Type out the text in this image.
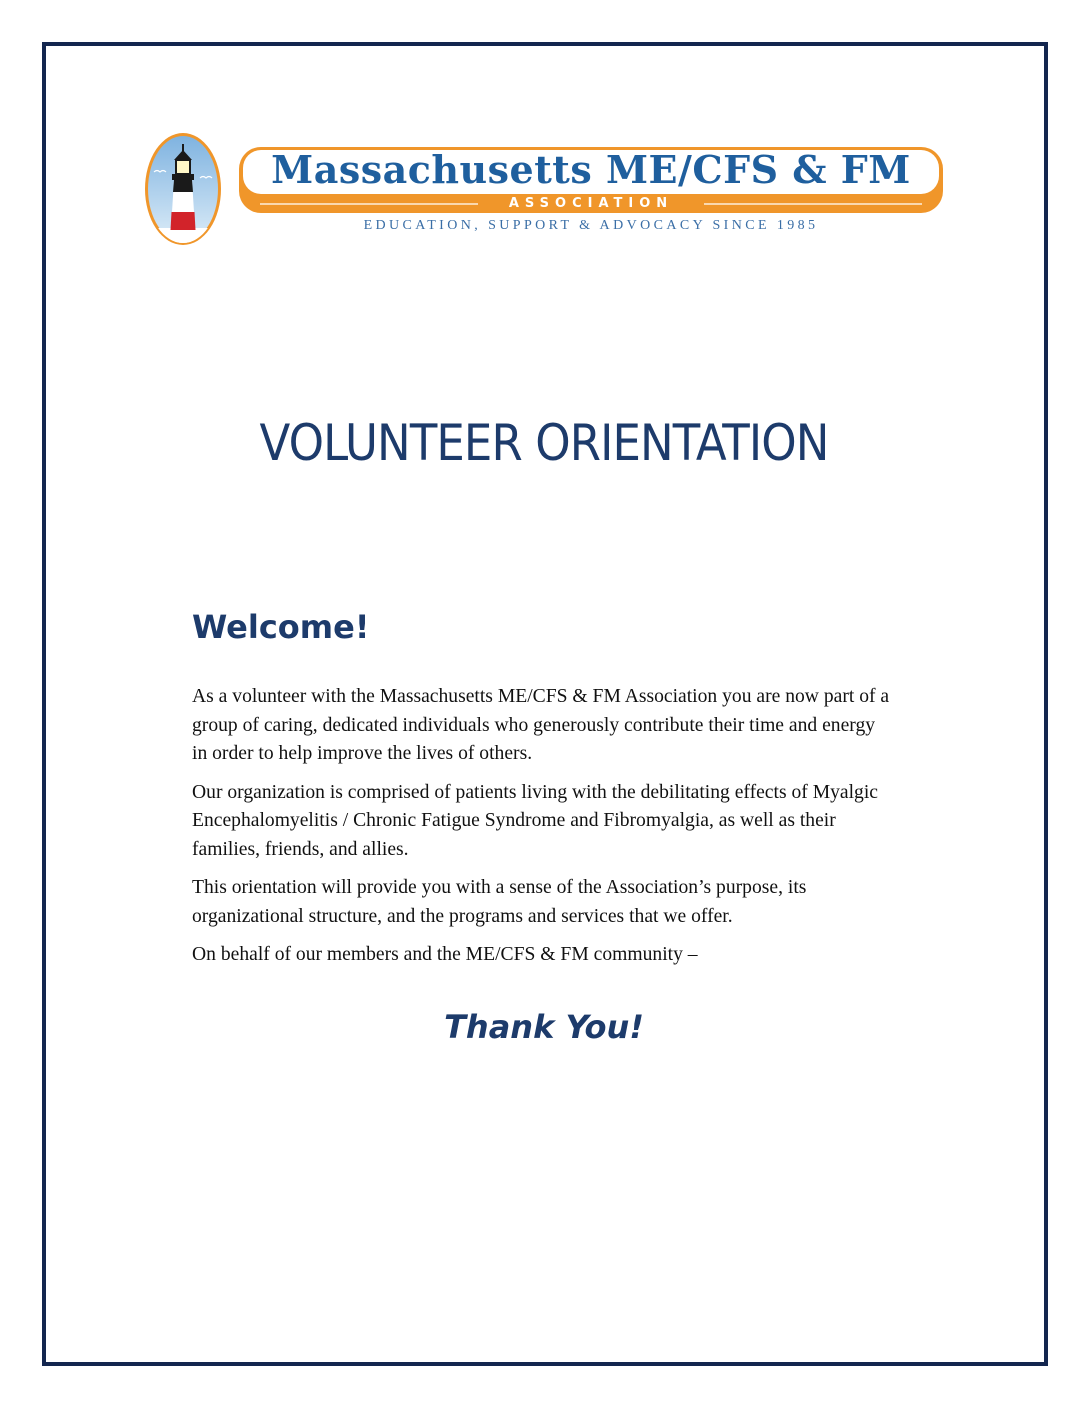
Massachusetts ME/CFS & FM
ASSOCIATION
EDUCATION, SUPPORT & ADVOCACY SINCE 1985
VOLUNTEER ORIENTATION
Welcome!

As a volunteer with the Massachusetts ME/CFS & FM Association you are now part of a group of caring, dedicated individuals who generously contribute their time and energy in order to help improve the lives of others.

Our organization is comprised of patients living with the debilitating effects of Myalgic Encephalomyelitis / Chronic Fatigue Syndrome and Fibromyalgia, as well as their families, friends, and allies.

This orientation will provide you with a sense of the Association’s purpose, its organizational structure, and the programs and services that we offer.

On behalf of our members and the ME/CFS & FM community –

Thank You!
